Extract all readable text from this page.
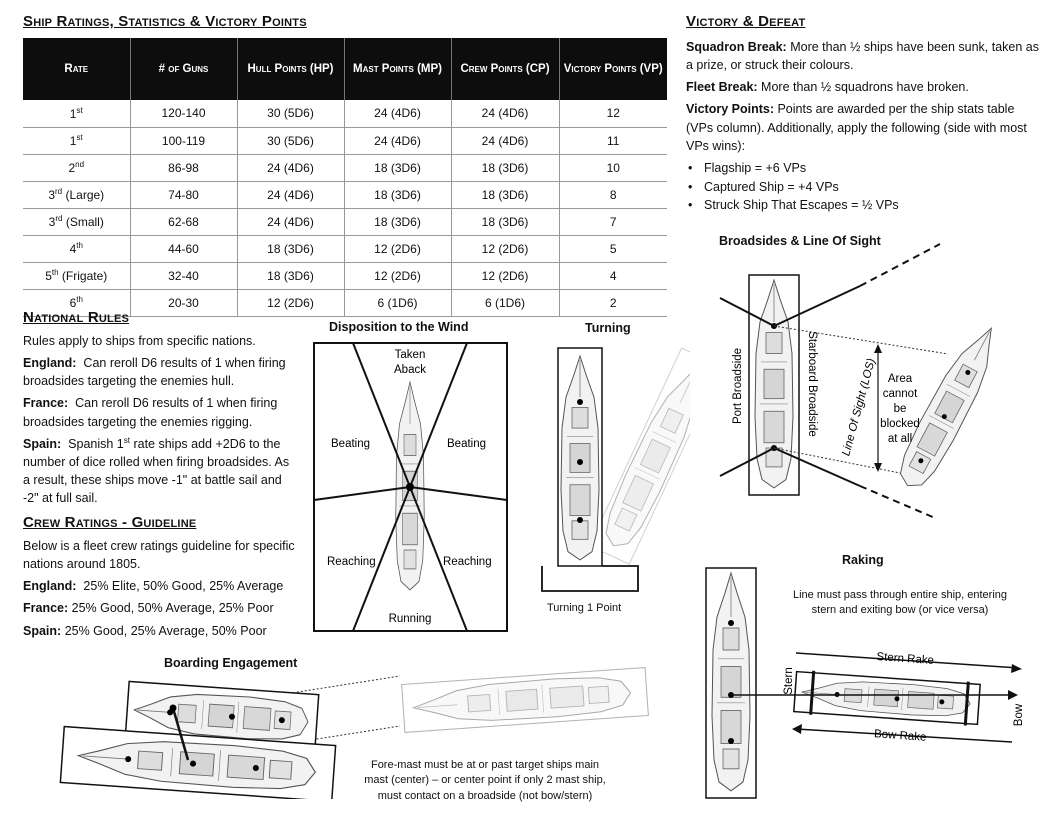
Ship Ratings, Statistics & Victory Points
Rate	# of Guns	Hull Points (HP)	Mast Points (MP)	Crew Points (CP)	Victory Points (VP)
1st	120-140	30 (5D6)	24 (4D6)	24 (4D6)	12
1st	100-119	30 (5D6)	24 (4D6)	24 (4D6)	11
2nd	86-98	24 (4D6)	18 (3D6)	18 (3D6)	10
3rd (Large)	74-80	24 (4D6)	18 (3D6)	18 (3D6)	8
3rd (Small)	62-68	24 (4D6)	18 (3D6)	18 (3D6)	7
4th	44-60	18 (3D6)	12 (2D6)	12 (2D6)	5
5th (Frigate)	32-40	18 (3D6)	12 (2D6)	12 (2D6)	4
6th	20-30	12 (2D6)	6 (1D6)	6 (1D6)	2
National Rules

Rules apply to ships from specific nations.

England: Can reroll D6 results of 1 when firing broadsides targeting the enemies hull.

France: Can reroll D6 results of 1 when firing broadsides targeting the enemies rigging.

Spain: Spanish 1st rate ships add +2D6 to the number of dice rolled when firing broadsides. As a result, these ships move -1" at battle sail and -2" at full sail.

Crew Ratings - Guideline

Below is a fleet crew ratings guideline for specific nations around 1805.

England: 25% Elite, 50% Good, 25% Average

France: 25% Good, 50% Average, 25% Poor

Spain: 25% Good, 25% Average, 50% Poor

Victory & Defeat

Squadron Break: More than ½ ships have been sunk, taken as a prize, or struck their colours.

Fleet Break: More than ½ squadrons have broken.

Victory Points: Points are awarded per the ship stats table (VPs column). Additionally, apply the following (side with most VPs wins):

• Flagship = +6 VPs
• Captured Ship = +4 VPs
• Struck Ship That Escapes = ½ VPs
Disposition to the Wind
Taken
Aback
Beating	Beating
Reaching	Reaching
Running
Turning
Turning 1 Point
Broadsides & Line Of Sight
Port Broadside	Starboard Broadside Line Of Sight (LOS) Area
cannot
be
blocked
at all
Raking
Line must pass through entire ship, entering
stern and exiting bow (or vice versa)
Stern Rake
Bow Rake
Stern
Bow
Boarding Engagement
Fore-mast must be at or past target ships main
mast (center) – or center point if only 2 mast ship,
must contact on a broadside (not bow/stern)
